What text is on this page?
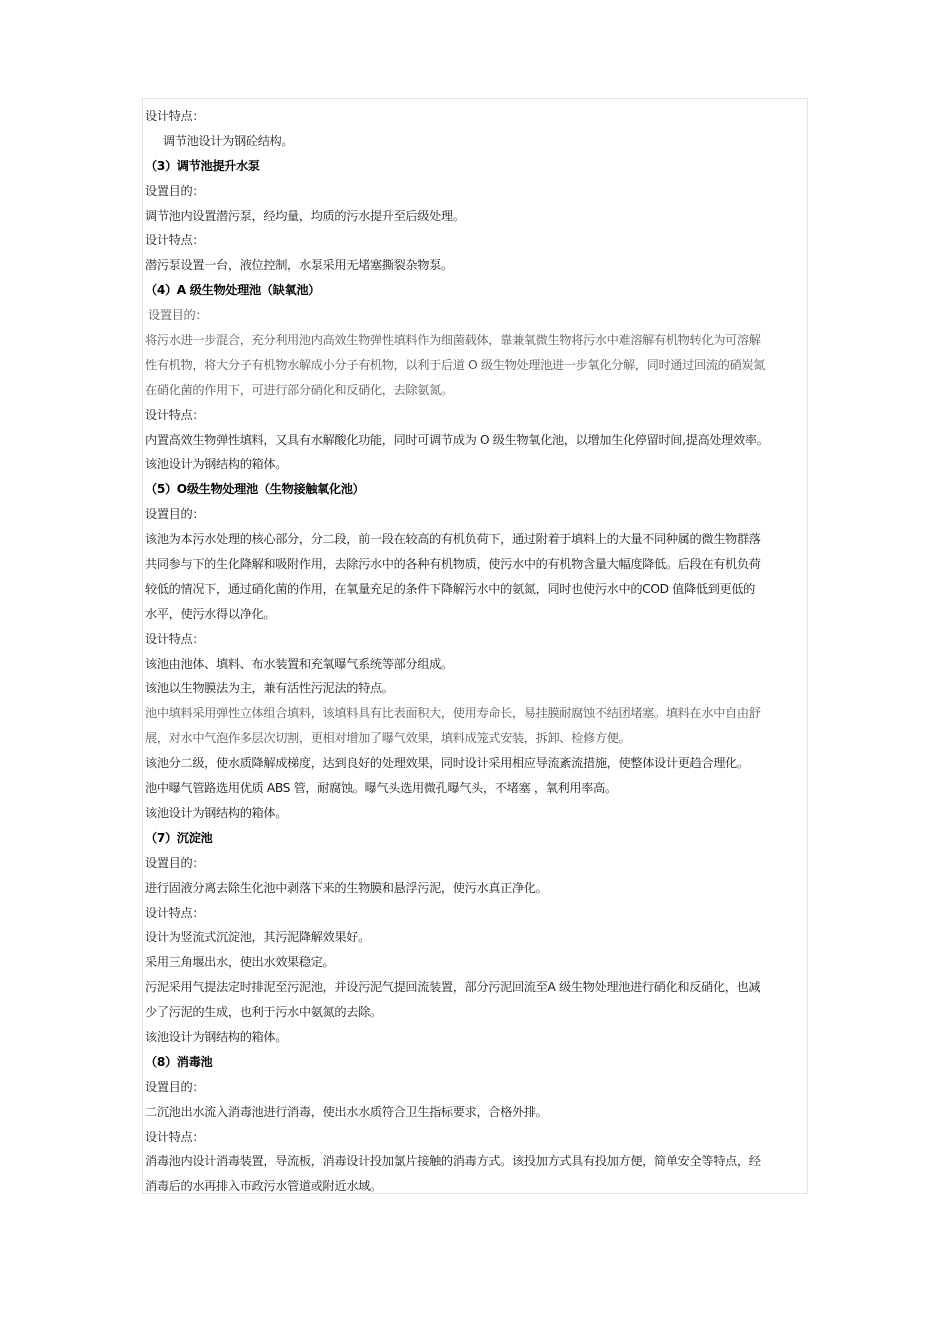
设计特点：
调节池设计为钢砼结构。
（3）调节池提升水泵
设置目的：
调节池内设置潜污泵，经均量，均质的污水提升至后级处理。
设计特点：
潜污泵设置一台，液位控制，水泵采用无堵塞撕裂杂物泵。
（4）A 级生物处理池（缺氧池）
设置目的：
将污水进一步混合，充分利用池内高效生物弹性填料作为细菌载体，靠兼氧微生物将污水中难溶解有机物转化为可溶解
性有机物，将大分子有机物水解成小分子有机物，以利于后道 O 级生物处理池进一步氧化分解，同时通过回流的硝炭氮
在硝化菌的作用下，可进行部分硝化和反硝化，去除氨氮。
设计特点：
内置高效生物弹性填料，又具有水解酸化功能，同时可调节成为 O 级生物氧化池，以增加生化停留时间,提高处理效率。
该池设计为钢结构的箱体。
（5）O级生物处理池（生物接触氧化池）
设置目的：
该池为本污水处理的核心部分，分二段，前一段在较高的有机负荷下，通过附着于填料上的大量不同种属的微生物群落
共同参与下的生化降解和吸附作用，去除污水中的各种有机物质，使污水中的有机物含量大幅度降低。后段在有机负荷
较低的情况下，通过硝化菌的作用，在氧量充足的条件下降解污水中的氨氮，同时也使污水中的COD 值降低到更低的
水平，使污水得以净化。
设计特点：
该池由池体、填料、布水装置和充氧曝气系统等部分组成。
该池以生物膜法为主，兼有活性污泥法的特点。
池中填料采用弹性立体组合填料，该填料具有比表面积大，使用寿命长，易挂膜耐腐蚀不结团堵塞。填料在水中自由舒
展，对水中气泡作多层次切割，更相对增加了曝气效果，填料成笼式安装，拆卸、检修方便。
该池分二级，使水质降解成梯度，达到良好的处理效果，同时设计采用相应导流紊流措施，使整体设计更趋合理化。
池中曝气管路选用优质 ABS 管，耐腐蚀。曝气头选用微孔曝气头，不堵塞 ，氧利用率高。
该池设计为钢结构的箱体。
（7）沉淀池
设置目的：
进行固液分离去除生化池中剥落下来的生物膜和悬浮污泥，使污水真正净化。
设计特点：
设计为竖流式沉淀池，其污泥降解效果好。
采用三角堰出水，使出水效果稳定。
污泥采用气提法定时排泥至污泥池，并设污泥气提回流装置，部分污泥回流至A 级生物处理池进行硝化和反硝化，也减
少了污泥的生成，也利于污水中氨氮的去除。
该池设计为钢结构的箱体。
（8）消毒池
设置目的：
二沉池出水流入消毒池进行消毒，使出水水质符合卫生指标要求，合格外排。
设计特点：
消毒池内设计消毒装置，导流板，消毒设计投加氯片接触的消毒方式。该投加方式具有投加方便，简单安全等特点，经
消毒后的水再排入市政污水管道或附近水域。
